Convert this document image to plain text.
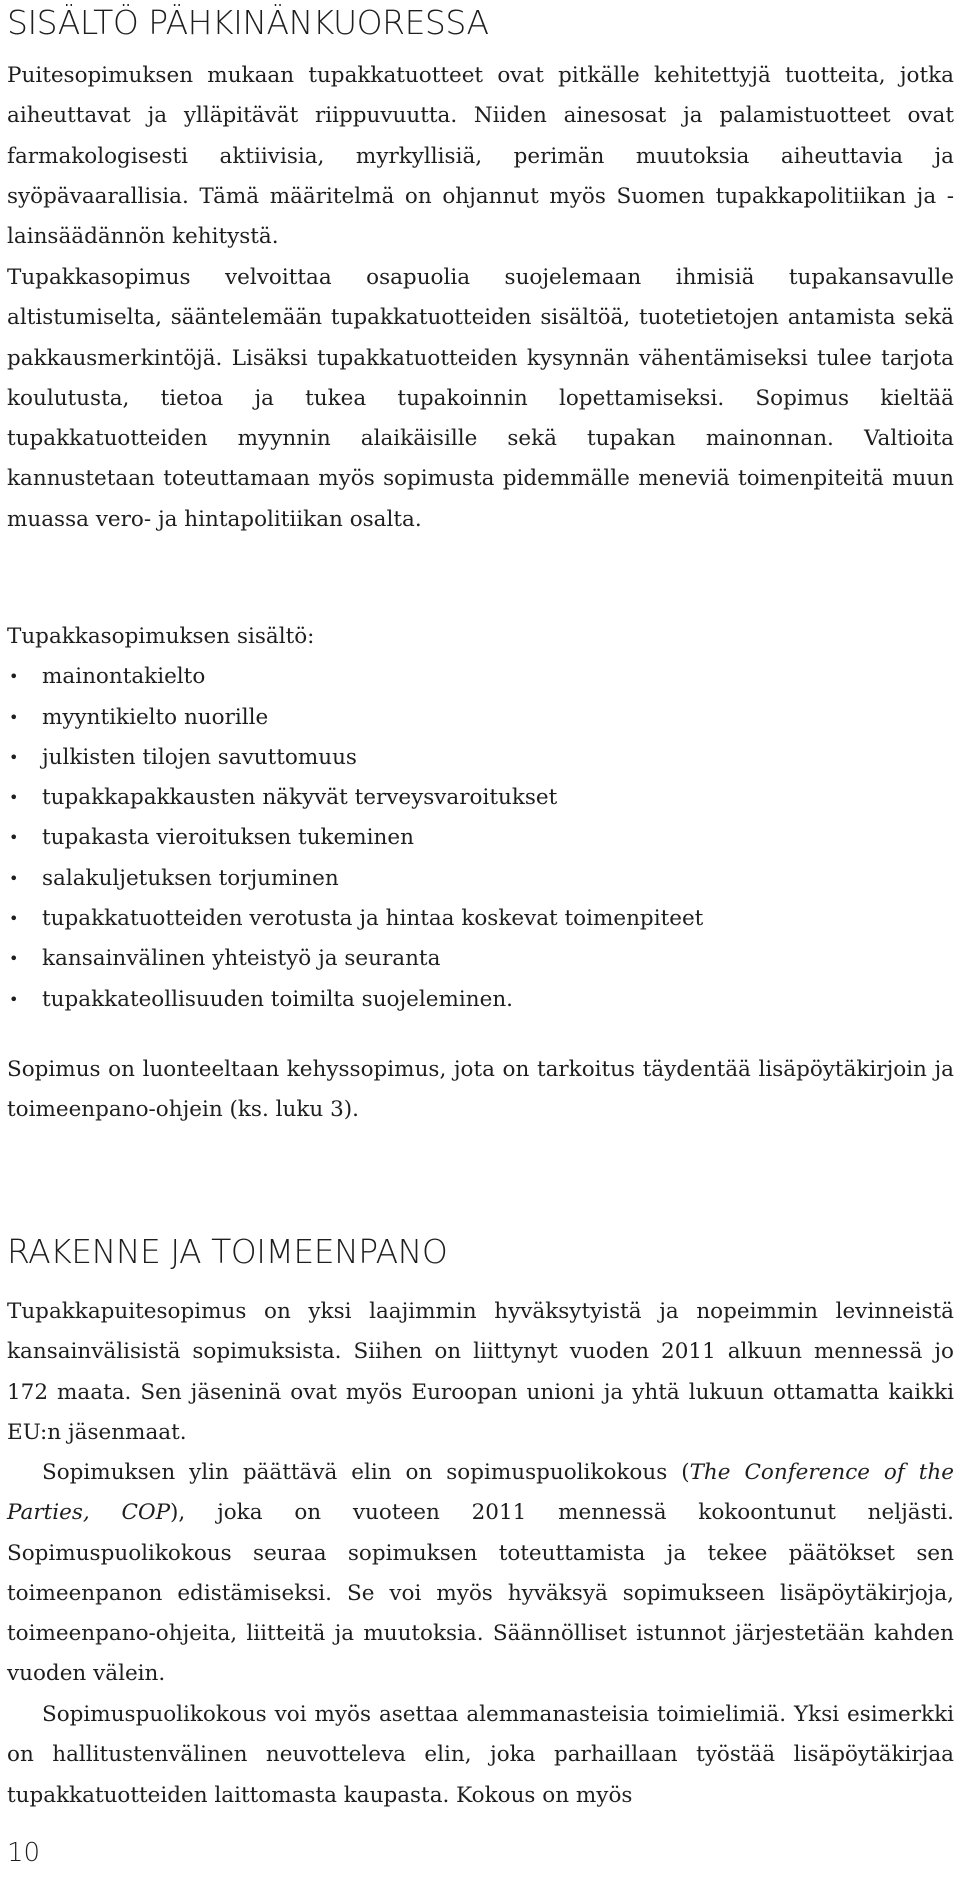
SISÄLTÖ PÄHKINÄNKUORESSA

Puitesopimuksen mukaan tupakkatuotteet ovat pitkälle kehitettyjä tuotteita, jotka aiheuttavat ja ylläpitävät riippuvuutta. Niiden ainesosat ja palamistuotteet ovat farmakologisesti aktiivisia, myrkyllisiä, perimän muutoksia aiheuttavia ja syöpävaarallisia. Tämä määritelmä on ohjannut myös Suomen tupakkapolitiikan ja -lainsäädännön kehitystä.

Tupakkasopimus velvoittaa osapuolia suojelemaan ihmisiä tupakansavulle altistumiselta, sääntelemään tupakkatuotteiden sisältöä, tuotetietojen antamista sekä pakkausmerkintöjä. Lisäksi tupakkatuotteiden kysynnän vähentämiseksi tulee tarjota koulutusta, tietoa ja tukea tupakoinnin lopettamiseksi. Sopimus kieltää tupakkatuotteiden myynnin alaikäisille sekä tupakan mainonnan. Valtioita kannustetaan toteuttamaan myös sopimusta pidemmälle meneviä toimenpiteitä muun muassa vero- ja hintapolitiikan osalta.

Tupakkasopimuksen sisältö:

• mainontakielto
• myyntikielto nuorille
• julkisten tilojen savuttomuus
• tupakkapakkausten näkyvät terveysvaroitukset
• tupakasta vieroituksen tukeminen
• salakuljetuksen torjuminen
• tupakkatuotteiden verotusta ja hintaa koskevat toimenpiteet
• kansainvälinen yhteistyö ja seuranta
• tupakkateollisuuden toimilta suojeleminen.

Sopimus on luonteeltaan kehyssopimus, jota on tarkoitus täydentää lisäpöytäkirjoin ja toimeenpano-ohjein (ks. luku 3).

RAKENNE JA TOIMEENPANO

Tupakkapuitesopimus on yksi laajimmin hyväksytyistä ja nopeimmin levinneistä kansainvälisistä sopimuksista. Siihen on liittynyt vuoden 2011 alkuun mennessä jo 172 maata. Sen jäseninä ovat myös Euroopan unioni ja yhtä lukuun ottamatta kaikki EU:n jäsenmaat.

Sopimuksen ylin päättävä elin on sopimuspuolikokous (The Conference of the Parties, COP), joka on vuoteen 2011 mennessä kokoontunut neljästi. Sopimuspuolikokous seuraa sopimuksen toteuttamista ja tekee päätökset sen toimeenpanon edistämiseksi. Se voi myös hyväksyä sopimukseen lisäpöytäkirjoja, toimeenpano-ohjeita, liitteitä ja muutoksia. Säännölliset istunnot järjestetään kahden vuoden välein.

Sopimuspuolikokous voi myös asettaa alemmanasteisia toimielimiä. Yksi esimerkki on hallitustenvälinen neuvotteleva elin, joka parhaillaan työstää lisäpöytäkirjaa tupakkatuotteiden laittomasta kaupasta. Kokous on myös

10
